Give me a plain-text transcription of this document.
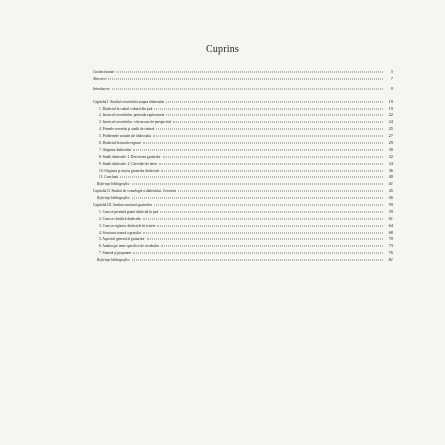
Cuprins
Cuvânt înainte	5
Abrevieri	7
Introducere	9
Capitolul I. Studiul cercetărilor asupra dialectului	19
1. Dialectul în cadrul culturii din ţară	19
2. Istoricul cercetărilor: perioada exploratorie	22
3. Istoricul cercetărilor: o încercare de perspectivă	24
4. Primele cercetări şi studii de sinteză	25
5. Problemele actuale ale dialectului	27
6. Dialectul în marile regiuni	29
7. Originea dialectului	30
8. Studii dialectale: I. Descrierea graiurilor	32
9. Studii dialectale: 2. Cercetări de teren	34
10. Originea şi istoria graiurilor dialectale	36
11. Concluzii	40
Referinţe bibliografice	41
Capitolul II. Studiul de cronologie a dialectului. Cercetări	45
Referinţe bibliografice	56
Capitolul III. Analiza structurii graiurilor	59
1. Cum se prezintă graiul dialectal în ţară	59
2. Cum se clasifică dialectele	61
3. Cum se regăsesc dialectele în scriere	64
4. Structura sonoră a graiului	68
5. Aspectul general al graiurilor	70
6. Analiza pe teme specifice de vocabular	73
7. Sinteză şi propuneri	76
Referinţe bibliografice	81
